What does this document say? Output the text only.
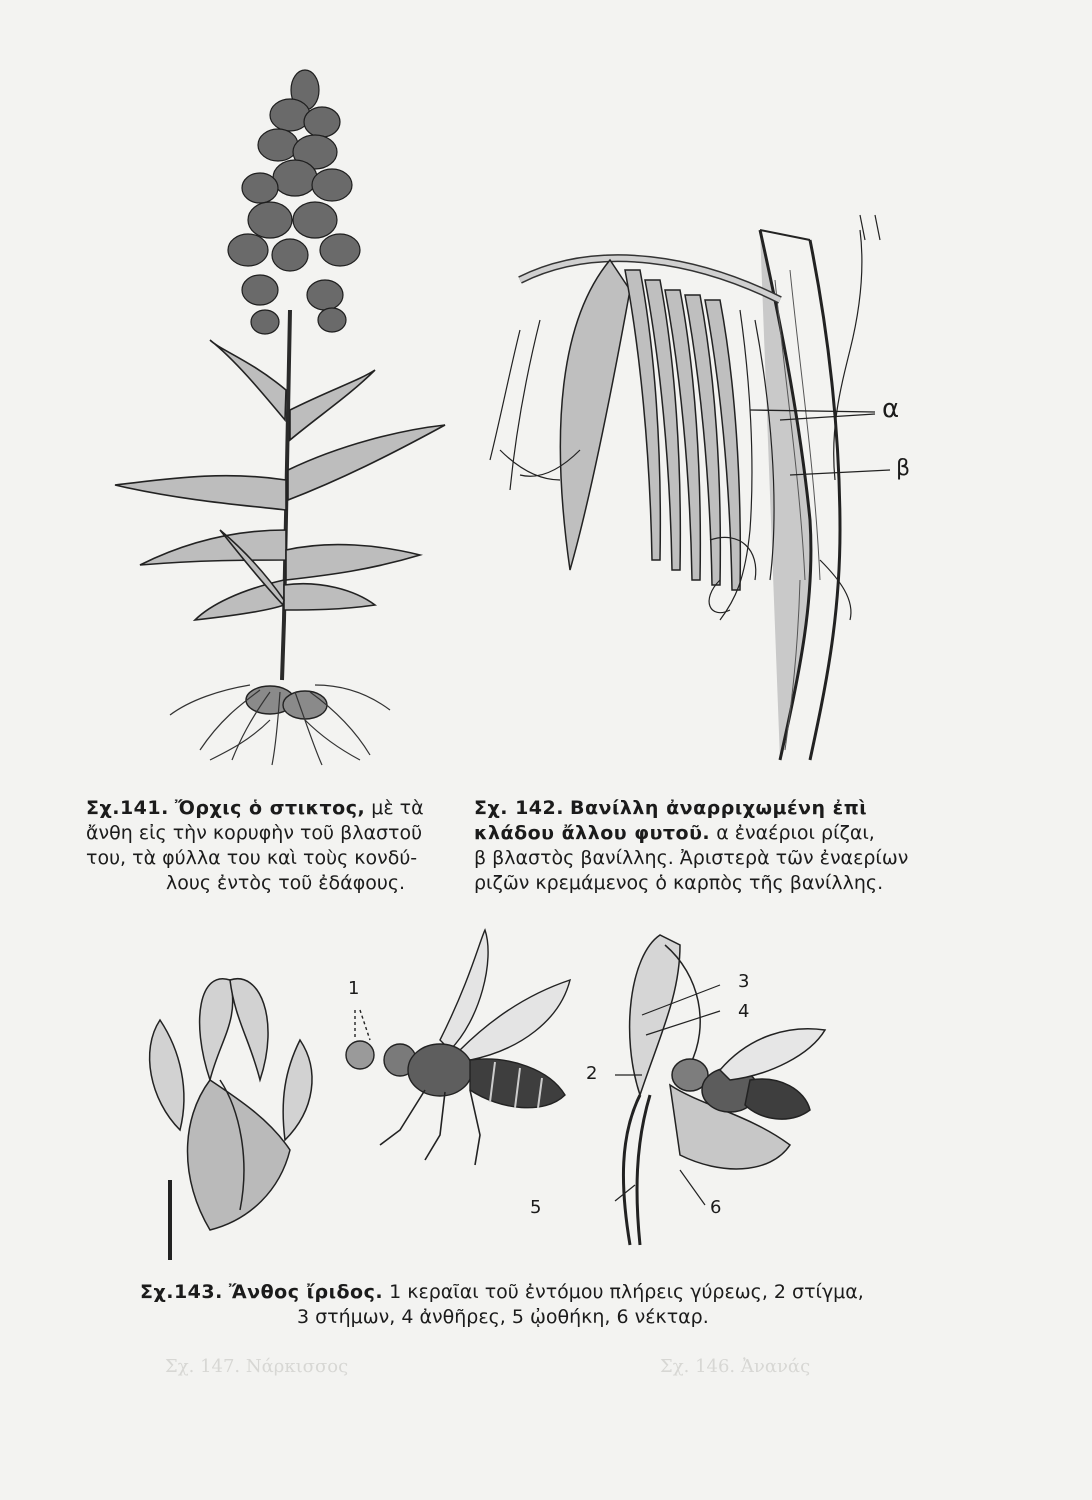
Σχ. 147. Νάρκισσος	Σχ. 146. Ἀνανάς
α
β
Σχ.141. Ὄρχις ὁ στικτος, μὲ τὰ
ἄνθη εἰς τὴν κορυφὴν τοῦ βλαστοῦ
του, τὰ φύλλα του καὶ τοὺς κονδύ-
λους ἐντὸς τοῦ ἐδάφους.
Σχ. 142. Βανίλλη ἀναρριχωμένη ἐπὶ
κλάδου ἄλλου φυτοῦ. α ἐναέριοι ρίζαι,
β βλαστὸς βανίλλης. Ἀριστερὰ τῶν ἐναερίων
ριζῶν κρεμάμενος ὁ καρπὸς τῆς βανίλλης.
1	3
4
2
5	6
Σχ.143. Ἄνθος ἴριδος. 1 κεραῖαι τοῦ ἐντόμου πλήρεις γύρεως, 2 στίγμα,
3 στήμων, 4 ἀνθῆρες, 5 ᾠοθήκη, 6 νέκταρ.
